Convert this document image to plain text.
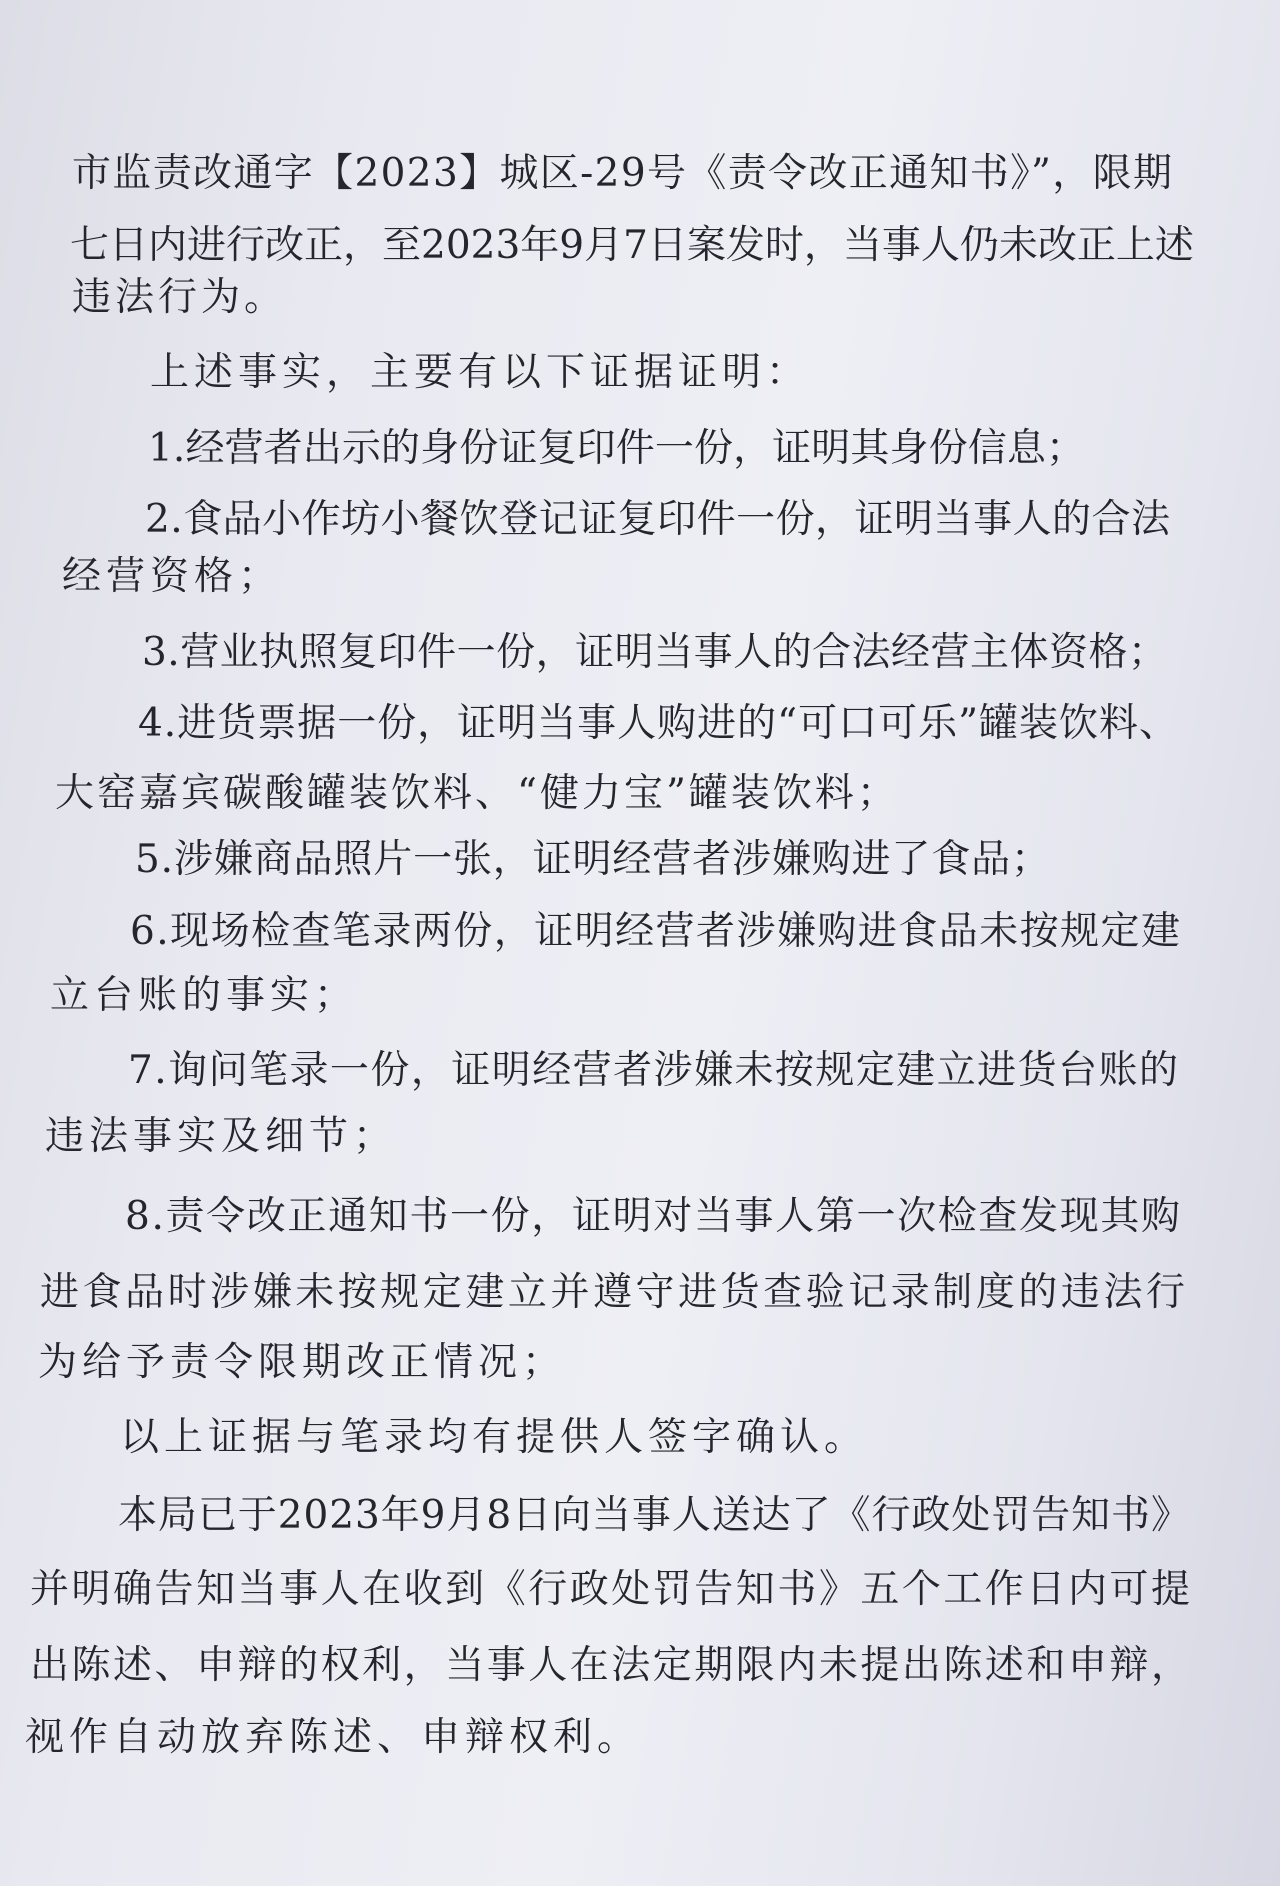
市监责改通字【2023】城区-29号《责令改正通知书》”，限期
七日内进行改正，至2023年9月7日案发时，当事人仍未改正上述
违法行为。
上述事实，主要有以下证据证明：
1.经营者出示的身份证复印件一份，证明其身份信息；
2.食品小作坊小餐饮登记证复印件一份，证明当事人的合法
经营资格；
3.营业执照复印件一份，证明当事人的合法经营主体资格；
4.进货票据一份，证明当事人购进的“可口可乐”罐装饮料、
大窑嘉宾碳酸罐装饮料、“健力宝”罐装饮料；
5.涉嫌商品照片一张，证明经营者涉嫌购进了食品；
6.现场检查笔录两份，证明经营者涉嫌购进食品未按规定建
立台账的事实；
7.询问笔录一份，证明经营者涉嫌未按规定建立进货台账的
违法事实及细节；
8.责令改正通知书一份，证明对当事人第一次检查发现其购
进食品时涉嫌未按规定建立并遵守进货查验记录制度的违法行
为给予责令限期改正情况；
以上证据与笔录均有提供人签字确认。
本局已于2023年9月8日向当事人送达了《行政处罚告知书》
并明确告知当事人在收到《行政处罚告知书》五个工作日内可提
出陈述、申辩的权利，当事人在法定期限内未提出陈述和申辩，
视作自动放弃陈述、申辩权利。
